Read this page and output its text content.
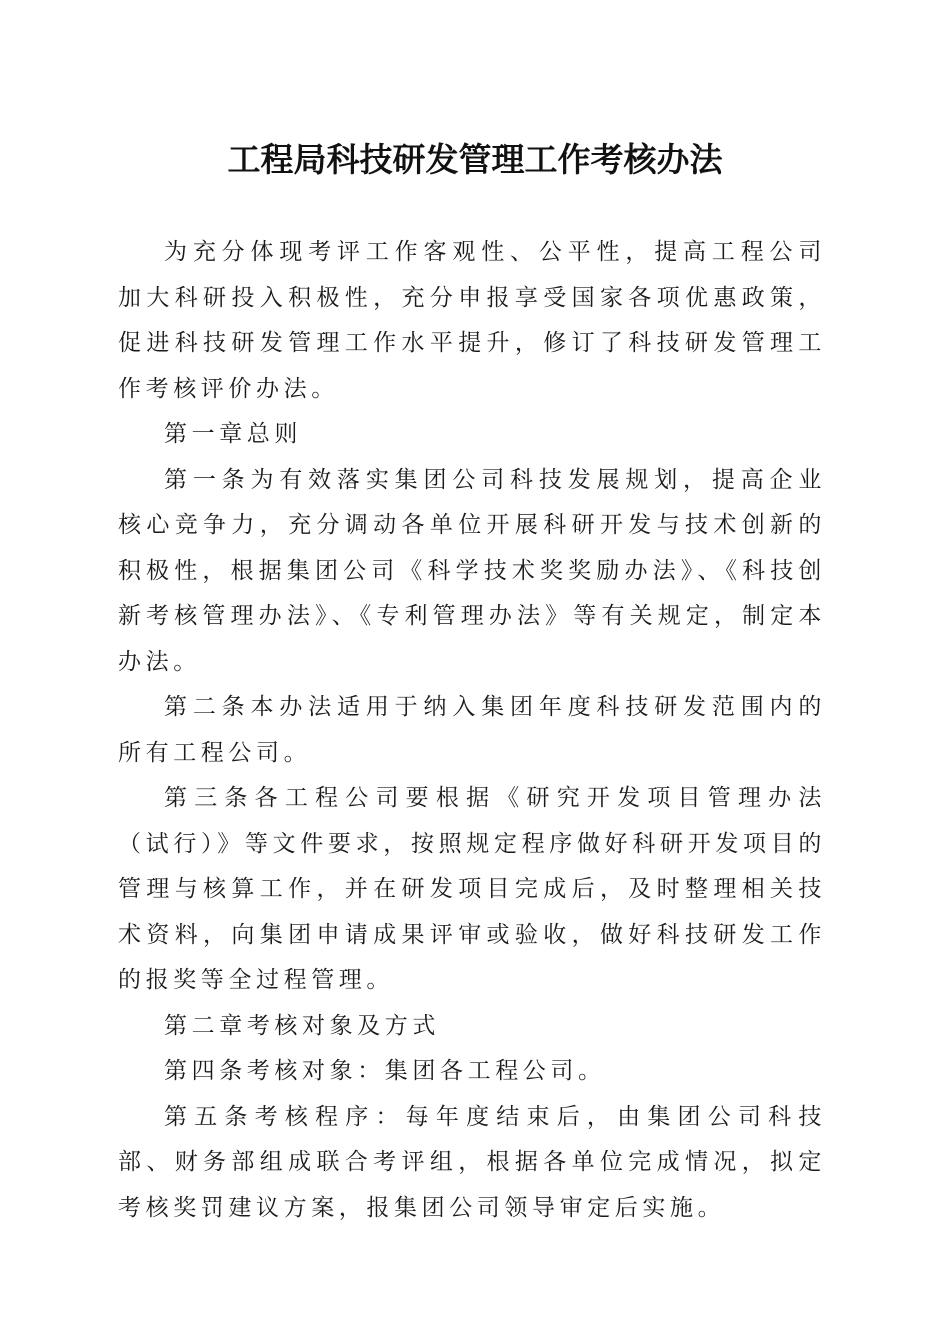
工程局科技研发管理工作考核办法

为充分体现考评工作客观性、公平性，提高工程公司加大科研投入积极性，充分申报享受国家各项优惠政策，促进科技研发管理工作水平提升，修订了科技研发管理工作考核评价办法。

第一章总则

第一条为有效落实集团公司科技发展规划，提高企业核心竞争力，充分调动各单位开展科研开发与技术创新的积极性，根据集团公司《科学技术奖奖励办法》、《科技创新考核管理办法》、《专利管理办法》等有关规定，制定本办法。

第二条本办法适用于纳入集团年度科技研发范围内的所有工程公司。

第三条各工程公司要根据《研究开发项目管理办法（试行）》等文件要求，按照规定程序做好科研开发项目的管理与核算工作，并在研发项目完成后，及时整理相关技术资料，向集团申请成果评审或验收，做好科技研发工作的报奖等全过程管理。

第二章考核对象及方式

第四条考核对象：集团各工程公司。

第五条考核程序：每年度结束后，由集团公司科技部、财务部组成联合考评组，根据各单位完成情况，拟定考核奖罚建议方案，报集团公司领导审定后实施。
